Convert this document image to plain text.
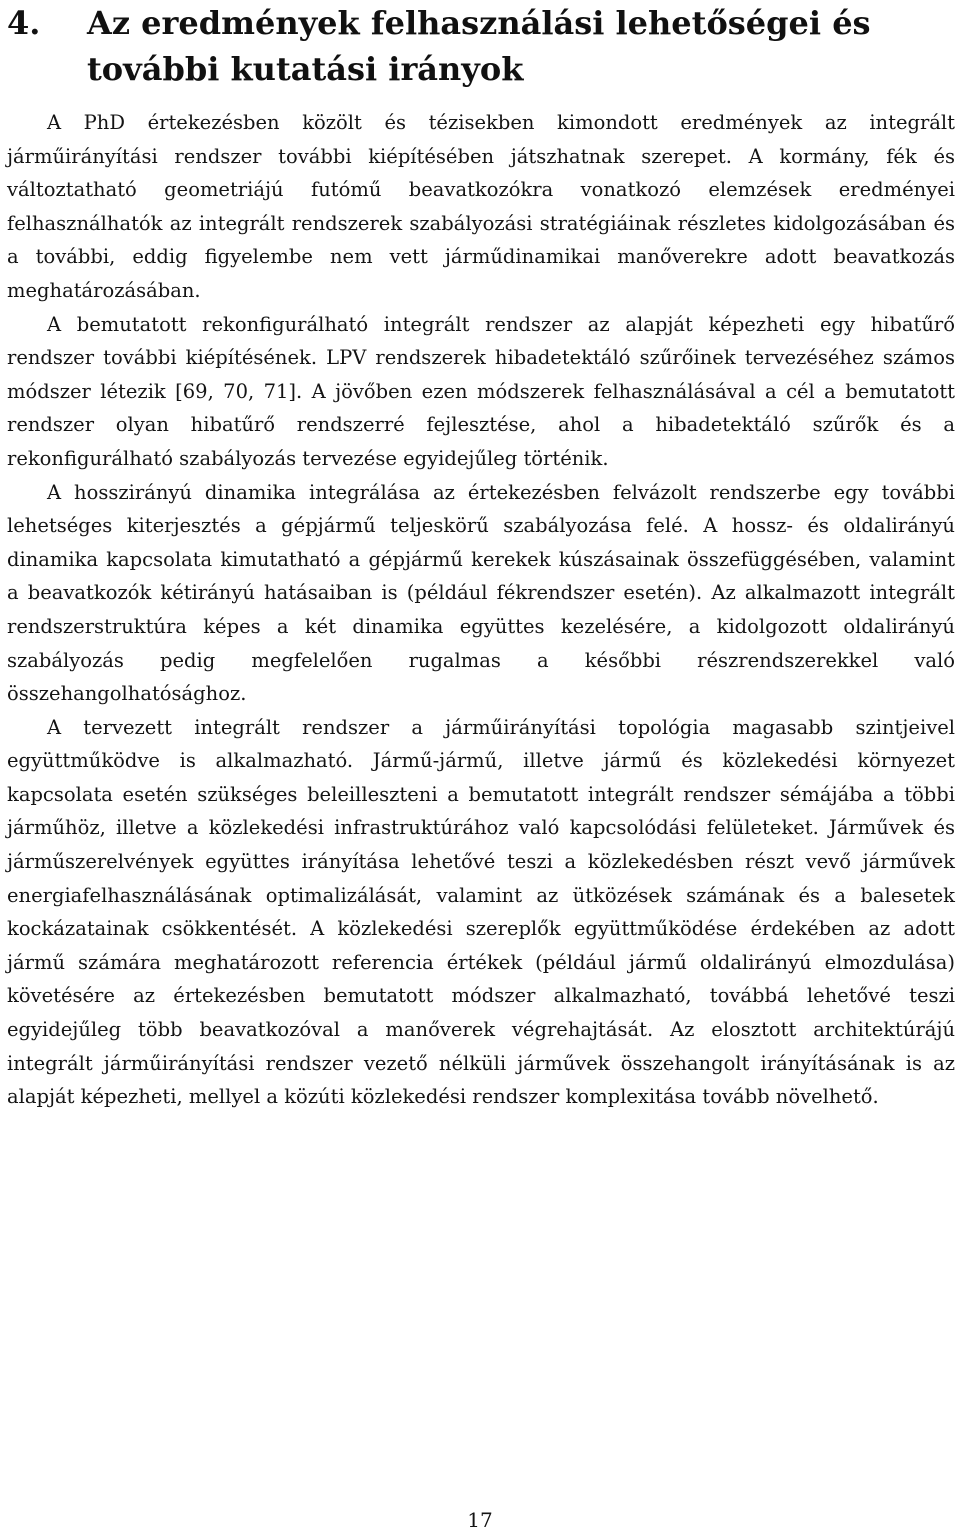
4.	Az eredmények felhasználási lehetőségei és további kutatási irányok

A PhD értekezésben közölt és tézisekben kimondott eredmények az integrált járműirányítási rendszer további kiépítésében játszhatnak szerepet. A kormány, fék és változtatható geometriájú futómű beavatkozókra vonatkozó elemzések eredményei felhasználhatók az integrált rendszerek szabályozási stratégiáinak részletes kidolgozásában és a további, eddig figyelembe nem vett járműdinamikai manőverekre adott beavatkozás meghatározásában.

A bemutatott rekonfigurálható integrált rendszer az alapját képezheti egy hibatűrő rendszer további kiépítésének. LPV rendszerek hibadetektáló szűrőinek tervezéséhez számos módszer létezik [69, 70, 71]. A jövőben ezen módszerek felhasználásával a cél a bemutatott rendszer olyan hibatűrő rendszerré fejlesztése, ahol a hibadetektáló szűrők és a rekonfigurálható szabályozás tervezése egyidejűleg történik.

A hosszirányú dinamika integrálása az értekezésben felvázolt rendszerbe egy további lehetséges kiterjesztés a gépjármű teljeskörű szabályozása felé. A hossz- és oldalirányú dinamika kapcsolata kimutatható a gépjármű kerekek kúszásainak összefüggésében, valamint a beavatkozók kétirányú hatásaiban is (például fékrendszer esetén). Az alkalmazott integrált rendszerstruktúra képes a két dinamika együttes kezelésére, a kidolgozott oldalirányú szabályozás pedig megfelelően rugalmas a későbbi részrendszerekkel való összehangolhatósághoz.

A tervezett integrált rendszer a járműirányítási topológia magasabb szintjeivel együttműködve is alkalmazható. Jármű-jármű, illetve jármű és közlekedési környezet kapcsolata esetén szükséges beleilleszteni a bemutatott integrált rendszer sémájába a többi járműhöz, illetve a közlekedési infrastruktúrához való kapcsolódási felületeket. Járművek és járműszerelvények együttes irányítása lehetővé teszi a közlekedésben részt vevő járművek energiafelhasználásának optimalizálását, valamint az ütközések számának és a balesetek kockázatainak csökkentését. A közlekedési szereplők együttműködése érdekében az adott jármű számára meghatározott referencia értékek (például jármű oldalirányú elmozdulása) követésére az értekezésben bemutatott módszer alkalmazható, továbbá lehetővé teszi egyidejűleg több beavatkozóval a manőverek végrehajtását. Az elosztott architektúrájú integrált járműirányítási rendszer vezető nélküli járművek összehangolt irányításának is az alapját képezheti, mellyel a közúti közlekedési rendszer komplexitása tovább növelhető.

17
